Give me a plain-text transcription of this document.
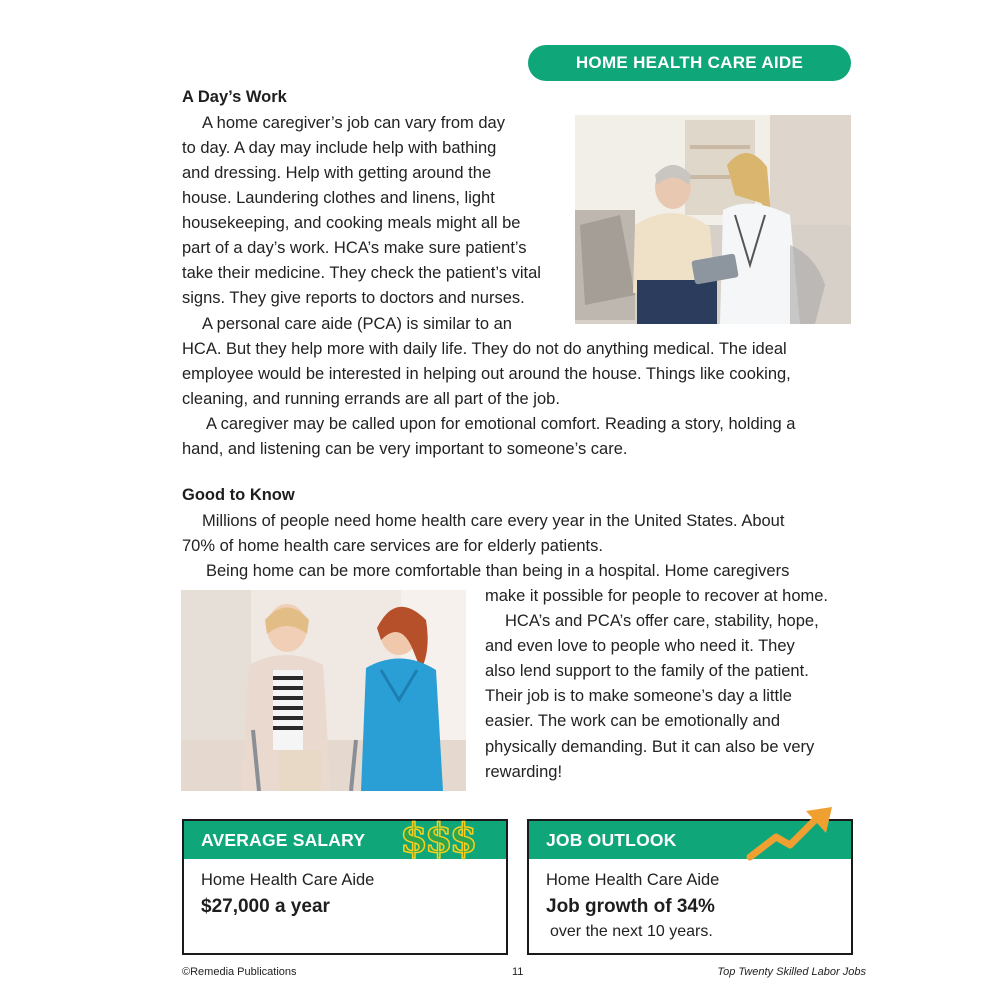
HOME HEALTH CARE AIDE
A Day’s Work
A home caregiver’s job can vary from day
to day. A day may include help with bathing
and dressing. Help with getting around the
house. Laundering clothes and linens, light
housekeeping, and cooking meals might all be
part of a day’s work. HCA’s make sure patient’s
take their medicine. They check the patient’s vital
signs. They give reports to doctors and nurses.
A personal care aide (PCA) is similar to an
HCA. But they help more with daily life. They do not do anything medical. The ideal
employee would be interested in helping out around the house. Things like cooking,
cleaning, and running errands are all part of the job.
A caregiver may be called upon for emotional comfort. Reading a story, holding a
hand, and listening can be very important to someone’s care.
Good to Know
Millions of people need home health care every year in the United States. About
70% of home health care services are for elderly patients.
Being home can be more comfortable than being in a hospital. Home caregivers
make it possible for people to recover at home.
HCA’s and PCA’s offer care, stability, hope,
and even love to people who need it. They
also lend support to the family of the patient.
Their job is to make someone’s day a little
easier. The work can be emotionally and
physically demanding. But it can also be very
rewarding!
AVERAGE SALARY $$$
Home Health Care Aide
$27,000 a year
JOB OUTLOOK
Home Health Care Aide
Job growth of 34%
over the next 10 years.
©Remedia Publications	11	Top Twenty Skilled Labor Jobs
